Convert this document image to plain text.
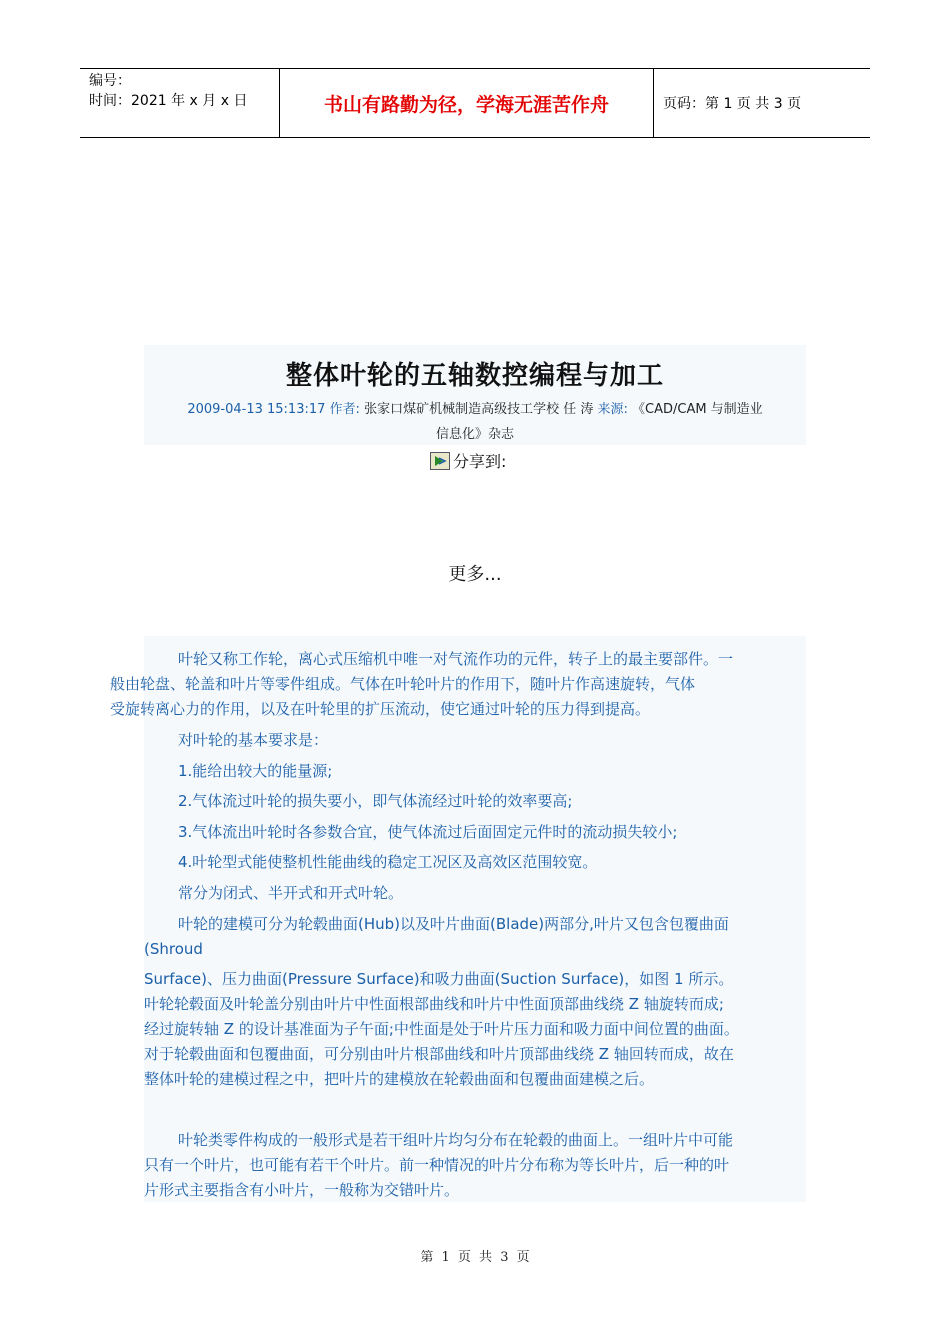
编号：
时间：2021 年 x 月 x 日	书山有路勤为径，学海无涯苦作舟	页码：第 1 页 共 3 页
整体叶轮的五轴数控编程与加工
2009-04-13 15:13:17 作者: 张家口煤矿机械制造高级技工学校 任 涛 来源: 《CAD/CAM 与制造业
信息化》杂志
分享到:
更多...

叶轮又称工作轮，离心式压缩机中唯一对气流作功的元件，转子上的最主要部件。一
般由轮盘、轮盖和叶片等零件组成。气体在叶轮叶片的作用下，随叶片作高速旋转，气体
受旋转离心力的作用，以及在叶轮里的扩压流动，使它通过叶轮的压力得到提高。

对叶轮的基本要求是：

1.能给出较大的能量源;

2.气体流过叶轮的损失要小，即气体流经过叶轮的效率要高;

3.气体流出叶轮时各参数合宜，使气体流过后面固定元件时的流动损失较小;

4.叶轮型式能使整机性能曲线的稳定工况区及高效区范围较宽。

常分为闭式、半开式和开式叶轮。

叶轮的建模可分为轮毂曲面(Hub)以及叶片曲面(Blade)两部分,叶片又包含包覆曲面
(Shroud

Surface)、压力曲面(Pressure Surface)和吸力曲面(Suction Surface)，如图 1 所示。
叶轮轮毂面及叶轮盖分别由叶片中性面根部曲线和叶片中性面顶部曲线绕 Z 轴旋转而成;
经过旋转轴 Z 的设计基准面为子午面;中性面是处于叶片压力面和吸力面中间位置的曲面。
对于轮毂曲面和包覆曲面，可分别由叶片根部曲线和叶片顶部曲线绕 Z 轴回转而成，故在
整体叶轮的建模过程之中，把叶片的建模放在轮毂曲面和包覆曲面建模之后。

叶轮类零件构成的一般形式是若干组叶片均匀分布在轮毂的曲面上。一组叶片中可能
只有一个叶片，也可能有若干个叶片。前一种情况的叶片分布称为等长叶片，后一种的叶
片形式主要指含有小叶片，一般称为交错叶片。

第 1 页 共 3 页
